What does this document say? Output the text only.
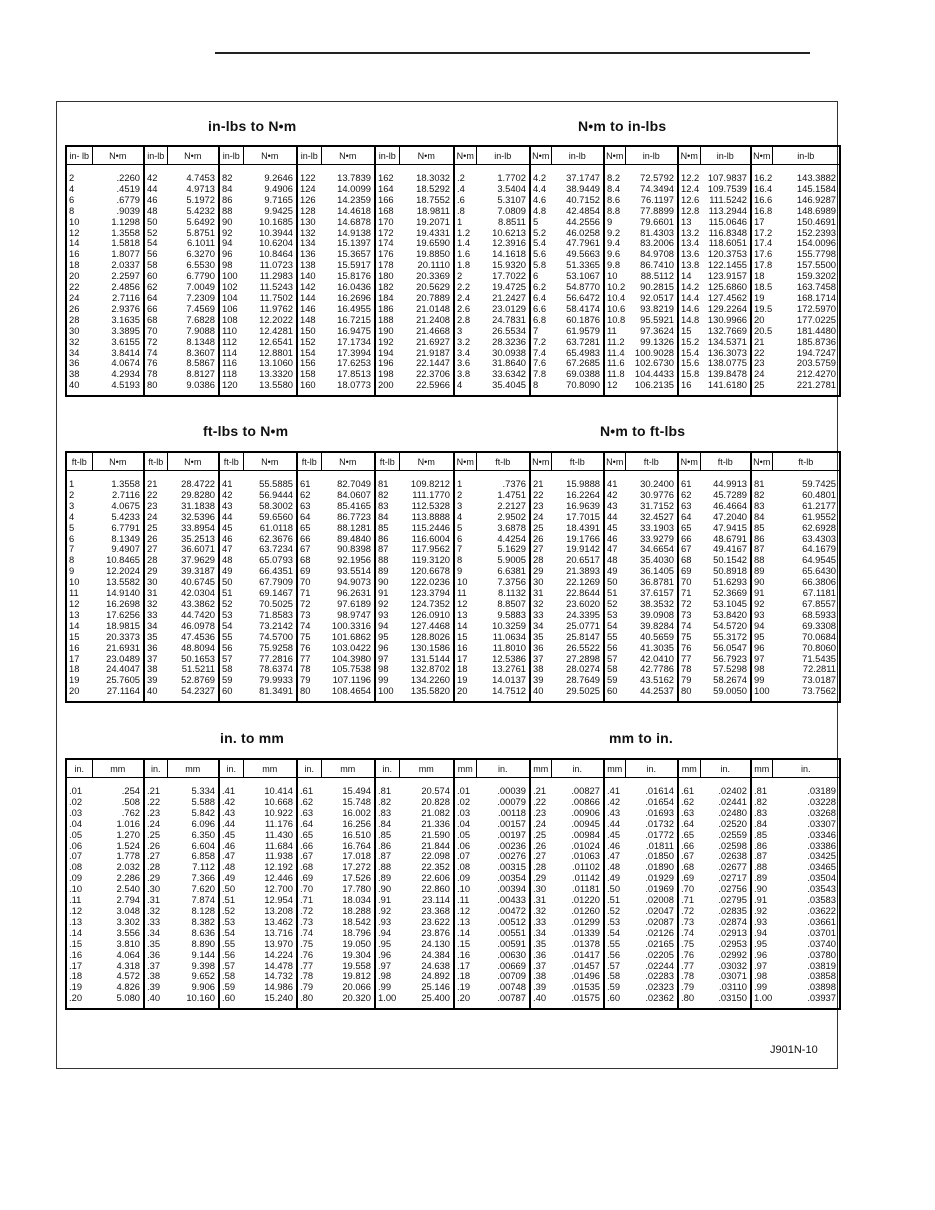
in-lbs to N•m	N•m to in-lbs
ft-lbs to N•m	N•m to ft-lbs
in. to mm	mm to in.
in- lb	N•m	in-lb	N•m	in-lb	N•m	in-lb	N•m	in-lb	N•m
2	.2260	42	4.7453	82	9.2646	122	13.7839	162	18.3032
4	.4519	44	4.9713	84	9.4906	124	14.0099	164	18.5292
6	.6779	46	5.1972	86	9.7165	126	14.2359	166	18.7552
8	.9039	48	5.4232	88	9.9425	128	14.4618	168	18.9811
10	1.1298	50	5.6492	90	10.1685	130	14.6878	170	19.2071
12	1.3558	52	5.8751	92	10.3944	132	14.9138	172	19.4331
14	1.5818	54	6.1011	94	10.6204	134	15.1397	174	19.6590
16	1.8077	56	6.3270	96	10.8464	136	15.3657	176	19.8850
18	2.0337	58	6.5530	98	11.0723	138	15.5917	178	20.1110
20	2.2597	60	6.7790	100	11.2983	140	15.8176	180	20.3369
22	2.4856	62	7.0049	102	11.5243	142	16.0436	182	20.5629
24	2.7116	64	7.2309	104	11.7502	144	16.2696	184	20.7889
26	2.9376	66	7.4569	106	11.9762	146	16.4955	186	21.0148
28	3.1635	68	7.6828	108	12.2022	148	16.7215	188	21.2408
30	3.3895	70	7.9088	110	12.4281	150	16.9475	190	21.4668
32	3.6155	72	8.1348	112	12.6541	152	17.1734	192	21.6927
34	3.8414	74	8.3607	114	12.8801	154	17.3994	194	21.9187
36	4.0674	76	8.5867	116	13.1060	156	17.6253	196	22.1447
38	4.2934	78	8.8127	118	13.3320	158	17.8513	198	22.3706
40	4.5193	80	9.0386	120	13.5580	160	18.0773	200	22.5966
N•m	in-lb	N•m	in-lb	N•m	in-lb	N•m	in-lb	N•m	in-lb
.2	1.7702	4.2	37.1747	8.2	72.5792	12.2	107.9837	16.2	143.3882
.4	3.5404	4.4	38.9449	8.4	74.3494	12.4	109.7539	16.4	145.1584
.6	5.3107	4.6	40.7152	8.6	76.1197	12.6	111.5242	16.6	146.9287
.8	7.0809	4.8	42.4854	8.8	77.8899	12.8	113.2944	16.8	148.6989
1	8.8511	5	44.2556	9	79.6601	13	115.0646	17	150.4691
1.2	10.6213	5.2	46.0258	9.2	81.4303	13.2	116.8348	17.2	152.2393
1.4	12.3916	5.4	47.7961	9.4	83.2006	13.4	118.6051	17.4	154.0096
1.6	14.1618	5.6	49.5663	9.6	84.9708	13.6	120.3753	17.6	155.7798
1.8	15.9320	5.8	51.3365	9.8	86.7410	13.8	122.1455	17.8	157.5500
2	17.7022	6	53.1067	10	88.5112	14	123.9157	18	159.3202
2.2	19.4725	6.2	54.8770	10.2	90.2815	14.2	125.6860	18.5	163.7458
2.4	21.2427	6.4	56.6472	10.4	92.0517	14.4	127.4562	19	168.1714
2.6	23.0129	6.6	58.4174	10.6	93.8219	14.6	129.2264	19.5	172.5970
2.8	24.7831	6.8	60.1876	10.8	95.5921	14.8	130.9966	20	177.0225
3	26.5534	7	61.9579	11	97.3624	15	132.7669	20.5	181.4480
3.2	28.3236	7.2	63.7281	11.2	99.1326	15.2	134.5371	21	185.8736
3.4	30.0938	7.4	65.4983	11.4	100.9028	15.4	136.3073	22	194.7247
3.6	31.8640	7.6	67.2685	11.6	102.6730	15.6	138.0775	23	203.5759
3.8	33.6342	7.8	69.0388	11.8	104.4433	15.8	139.8478	24	212.4270
4	35.4045	8	70.8090	12	106.2135	16	141.6180	25	221.2781
ft-lb	N•m	ft-lb	N•m	ft-lb	N•m	ft-lb	N•m	ft-lb	N•m
1	1.3558	21	28.4722	41	55.5885	61	82.7049	81	109.8212
2	2.7116	22	29.8280	42	56.9444	62	84.0607	82	111.1770
3	4.0675	23	31.1838	43	58.3002	63	85.4165	83	112.5328
4	5.4233	24	32.5396	44	59.6560	64	86.7723	84	113.8888
5	6.7791	25	33.8954	45	61.0118	65	88.1281	85	115.2446
6	8.1349	26	35.2513	46	62.3676	66	89.4840	86	116.6004
7	9.4907	27	36.6071	47	63.7234	67	90.8398	87	117.9562
8	10.8465	28	37.9629	48	65.0793	68	92.1956	88	119.3120
9	12.2024	29	39.3187	49	66.4351	69	93.5514	89	120.6678
10	13.5582	30	40.6745	50	67.7909	70	94.9073	90	122.0236
11	14.9140	31	42.0304	51	69.1467	71	96.2631	91	123.3794
12	16.2698	32	43.3862	52	70.5025	72	97.6189	92	124.7352
13	17.6256	33	44.7420	53	71.8583	73	98.9747	93	126.0910
14	18.9815	34	46.0978	54	73.2142	74	100.3316	94	127.4468
15	20.3373	35	47.4536	55	74.5700	75	101.6862	95	128.8026
16	21.6931	36	48.8094	56	75.9258	76	103.0422	96	130.1586
17	23.0489	37	50.1653	57	77.2816	77	104.3980	97	131.5144
18	24.4047	38	51.5211	58	78.6374	78	105.7538	98	132.8702
19	25.7605	39	52.8769	59	79.9933	79	107.1196	99	134.2260
20	27.1164	40	54.2327	60	81.3491	80	108.4654	100	135.5820
N•m	ft-lb	N•m	ft-lb	N•m	ft-lb	N•m	ft-lb	N•m	ft-lb
1	.7376	21	15.9888	41	30.2400	61	44.9913	81	59.7425
2	1.4751	22	16.2264	42	30.9776	62	45.7289	82	60.4801
3	2.2127	23	16.9639	43	31.7152	63	46.4664	83	61.2177
4	2.9502	24	17.7015	44	32.4527	64	47.2040	84	61.9552
5	3.6878	25	18.4391	45	33.1903	65	47.9415	85	62.6928
6	4.4254	26	19.1766	46	33.9279	66	48.6791	86	63.4303
7	5.1629	27	19.9142	47	34.6654	67	49.4167	87	64.1679
8	5.9005	28	20.6517	48	35.4030	68	50.1542	88	64.9545
9	6.6381	29	21.3893	49	36.1405	69	50.8918	89	65.6430
10	7.3756	30	22.1269	50	36.8781	70	51.6293	90	66.3806
11	8.1132	31	22.8644	51	37.6157	71	52.3669	91	67.1181
12	8.8507	32	23.6020	52	38.3532	72	53.1045	92	67.8557
13	9.5883	33	24.3395	53	39.0908	73	53.8420	93	68.5933
14	10.3259	34	25.0771	54	39.8284	74	54.5720	94	69.3308
15	11.0634	35	25.8147	55	40.5659	75	55.3172	95	70.0684
16	11.8010	36	26.5522	56	41.3035	76	56.0547	96	70.8060
17	12.5386	37	27.2898	57	42.0410	77	56.7923	97	71.5435
18	13.2761	38	28.0274	58	42.7786	78	57.5298	98	72.2811
19	14.0137	39	28.7649	59	43.5162	79	58.2674	99	73.0187
20	14.7512	40	29.5025	60	44.2537	80	59.0050	100	73.7562
in.	mm	in.	mm	in.	mm	in.	mm	in.	mm
.01	.254	.21	5.334	.41	10.414	.61	15.494	.81	20.574
.02	.508	.22	5.588	.42	10.668	.62	15.748	.82	20.828
.03	.762	.23	5.842	.43	10.922	.63	16.002	.83	21.082
.04	1.016	.24	6.096	.44	11.176	.64	16.256	.84	21.336
.05	1.270	.25	6.350	.45	11.430	.65	16.510	.85	21.590
.06	1.524	.26	6.604	.46	11.684	.66	16.764	.86	21.844
.07	1.778	.27	6.858	.47	11.938	.67	17.018	.87	22.098
.08	2.032	.28	7.112	.48	12.192	.68	17.272	.88	22.352
.09	2.286	.29	7.366	.49	12.446	.69	17.526	.89	22.606
.10	2.540	.30	7.620	.50	12.700	.70	17.780	.90	22.860
.11	2.794	.31	7.874	.51	12.954	.71	18.034	.91	23.114
.12	3.048	.32	8.128	.52	13.208	.72	18.288	.92	23.368
.13	3.302	.33	8.382	.53	13.462	.73	18.542	.93	23.622
.14	3.556	.34	8.636	.54	13.716	.74	18.796	.94	23.876
.15	3.810	.35	8.890	.55	13.970	.75	19.050	.95	24.130
.16	4.064	.36	9.144	.56	14.224	.76	19.304	.96	24.384
.17	4.318	.37	9.398	.57	14.478	.77	19.558	.97	24.638
.18	4.572	.38	9.652	.58	14.732	.78	19.812	.98	24.892
.19	4.826	.39	9.906	.59	14.986	.79	20.066	.99	25.146
.20	5.080	.40	10.160	.60	15.240	.80	20.320	1.00	25.400
mm	in.	mm	in.	mm	in.	mm	in.	mm	in.
.01	.00039	.21	.00827	.41	.01614	.61	.02402	.81	.03189
.02	.00079	.22	.00866	.42	.01654	.62	.02441	.82	.03228
.03	.00118	.23	.00906	.43	.01693	.63	.02480	.83	.03268
.04	.00157	.24	.00945	.44	.01732	.64	.02520	.84	.03307
.05	.00197	.25	.00984	.45	.01772	.65	.02559	.85	.03346
.06	.00236	.26	.01024	.46	.01811	.66	.02598	.86	.03386
.07	.00276	.27	.01063	.47	.01850	.67	.02638	.87	.03425
.08	.00315	.28	.01102	.48	.01890	.68	.02677	.88	.03465
.09	.00354	.29	.01142	.49	.01929	.69	.02717	.89	.03504
.10	.00394	.30	.01181	.50	.01969	.70	.02756	.90	.03543
.11	.00433	.31	.01220	.51	.02008	.71	.02795	.91	.03583
.12	.00472	.32	.01260	.52	.02047	.72	.02835	.92	.03622
.13	.00512	.33	.01299	.53	.02087	.73	.02874	.93	.03661
.14	.00551	.34	.01339	.54	.02126	.74	.02913	.94	.03701
.15	.00591	.35	.01378	.55	.02165	.75	.02953	.95	.03740
.16	.00630	.36	.01417	.56	.02205	.76	.02992	.96	.03780
.17	.00669	.37	.01457	.57	.02244	.77	.03032	.97	.03819
.18	.00709	.38	.01496	.58	.02283	.78	.03071	.98	.03858
.19	.00748	.39	.01535	.59	.02323	.79	.03110	.99	.03898
.20	.00787	.40	.01575	.60	.02362	.80	.03150	1.00	.03937
J901N-10
